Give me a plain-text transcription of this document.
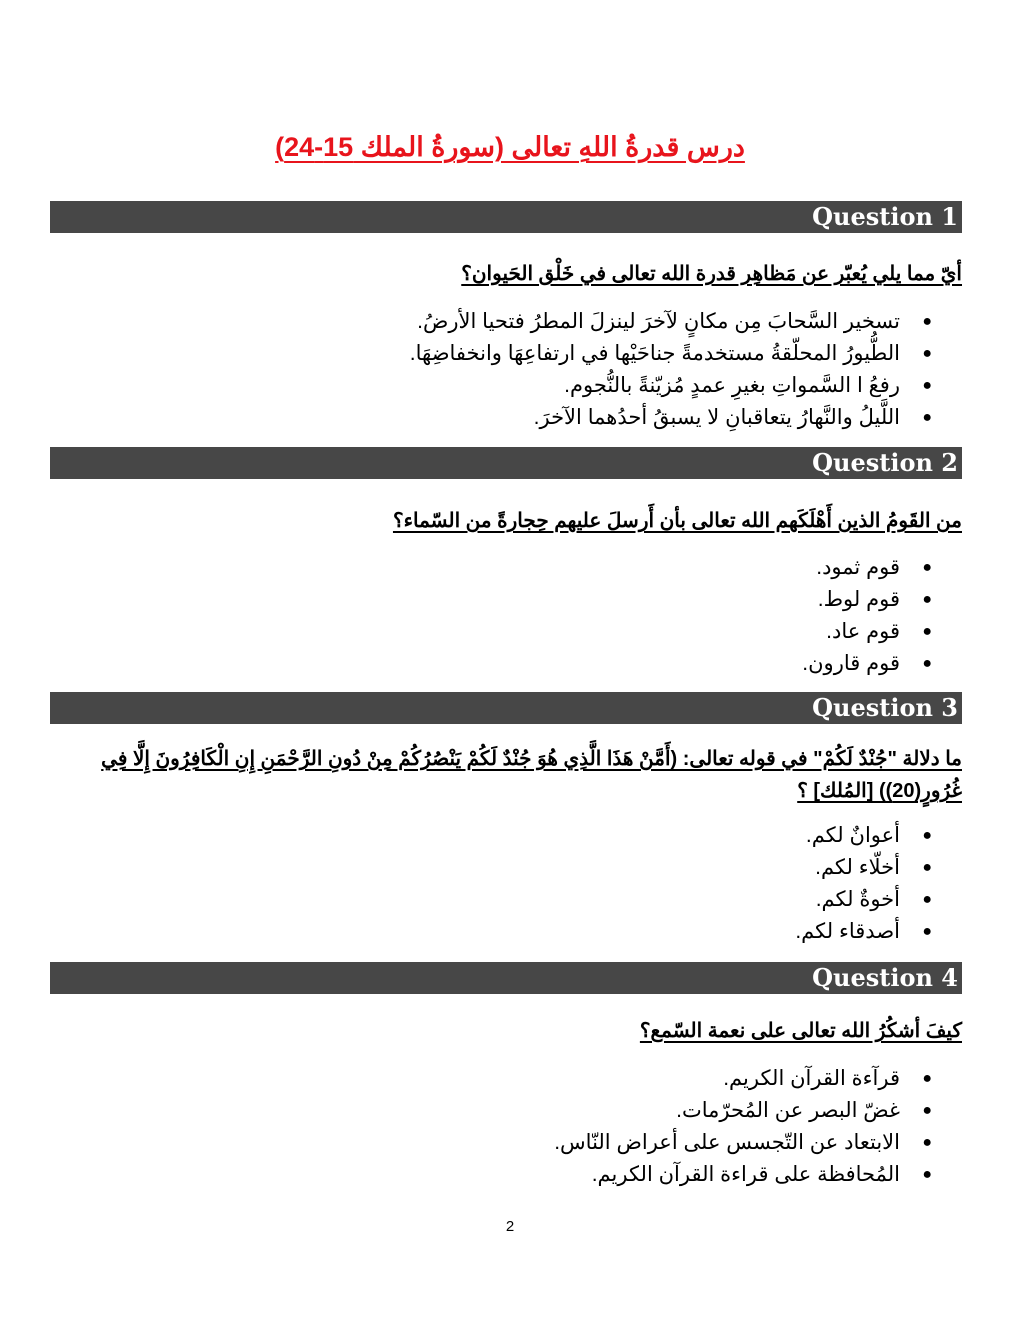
درس قدرةُ اللهِ تعالى (سورةُ الملك 15-24)
Question 1
أيّ مما يلي يُعبّر عن مَظاهِر قدرة الله تعالى في خَلْق الحَيوان؟
●
تسخير السَّحابَ مِن مكانٍ لآخرَ لينزلَ المطرُ فتحيا الأرضُ.
●
الطُّيورُ المحلّقةُ مستخدمةً جناحَيْها في ارتفاعِهَا وانخفاضِهَا.
●
رفعُ ا السَّمواتِ بغيرِ عمدٍ مُزيّنةً بالنُّجوم.
●
اللَّيلُ والنَّهارُ يتعاقبانِ لا يسبقُ أحدُهما الآخرَ.
Question 2
من القَومُ الذين أَهْلَكَهم الله تعالى بأن أَرسلَ عليهم حِجارةً من السّماء؟
●
قوم ثمود.
●
قوم لوط.
●
قوم عاد.
●
قوم قارون.
Question 3
ما دلالة "جُنْدٌ لَكُمْ" في قوله تعالى: (أَمَّنْ هَذَا الَّذِي هُوَ جُنْدٌ لَكُمْ يَنْصُرُكُمْ مِنْ دُونِ الرَّحْمَنِ إِنِ الْكَافِرُونَ إِلَّا فِي غُرُورٍ(20)) [المُلك] ؟
●
أعوانٌ لكم.
●
أخلّاء لكم.
●
أخوةٌ لكم.
●
أصدقاء لكم.
Question 4
كيفَ أشكُرُ الله تعالى على نعمة السّمع؟
●
قرآءة القرآن الكريم.
●
غضّ البصر عن المُحرّمات.
●
الابتعاد عن التّجسس على أعراض النّاس.
●
المُحافظة على قراءة القرآن الكريم.
2
